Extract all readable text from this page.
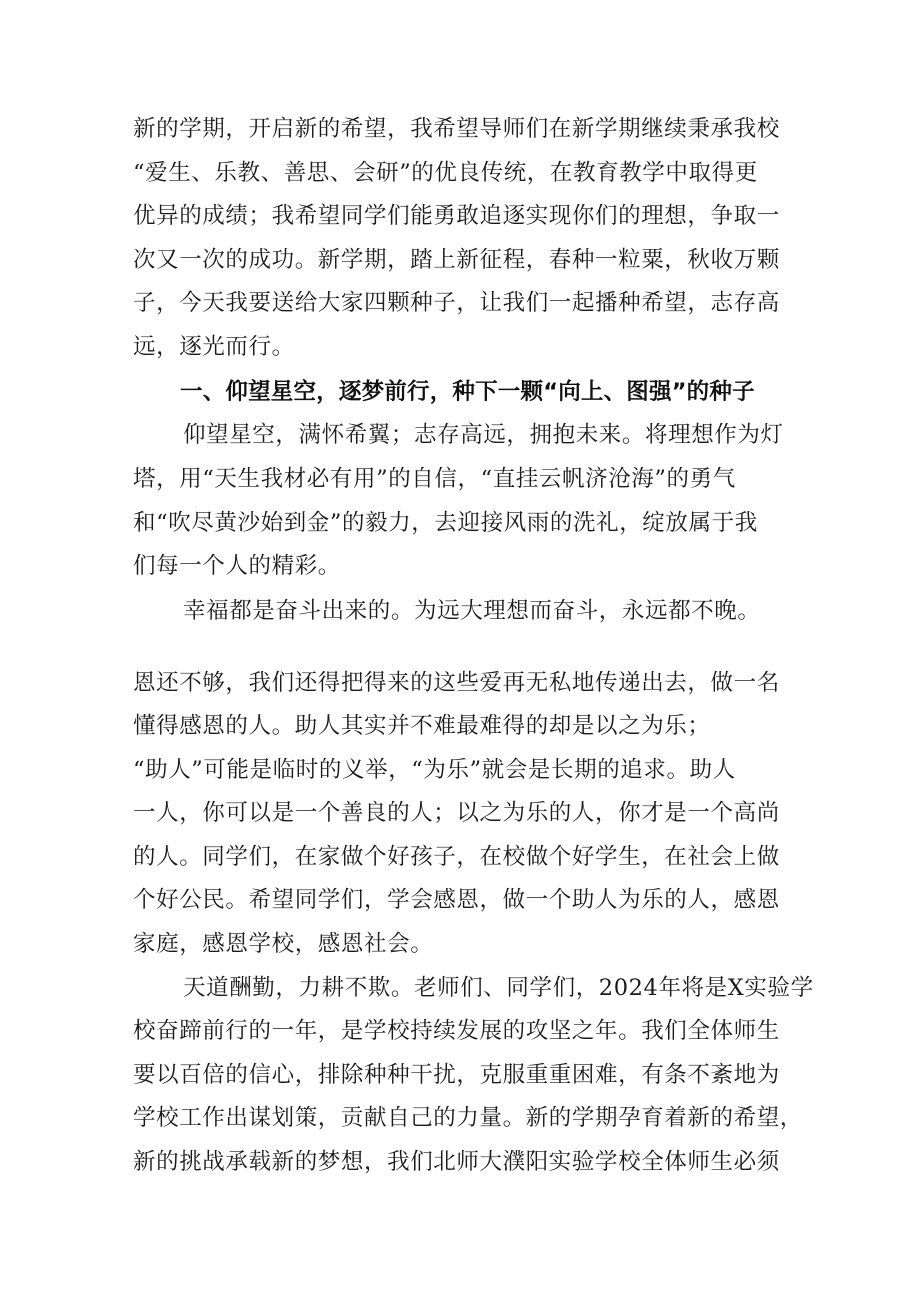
新的学期，开启新的希望，我希望导师们在新学期继续秉承我校

“爱生、乐教、善思、会研”的优良传统，在教育教学中取得更

优异的成绩；我希望同学们能勇敢追逐实现你们的理想，争取一

次又一次的成功。新学期，踏上新征程，春种一粒粟，秋收万颗

子，今天我要送给大家四颗种子，让我们一起播种希望，志存高

远，逐光而行。

一、仰望星空，逐梦前行，种下一颗“向上、图强”的种子

仰望星空，满怀希翼；志存高远，拥抱未来。将理想作为灯

塔，用“天生我材必有用”的自信，“直挂云帆济沧海”的勇气

和“吹尽黄沙始到金”的毅力，去迎接风雨的洗礼，绽放属于我

们每一个人的精彩。

幸福都是奋斗出来的。为远大理想而奋斗，永远都不晚。

恩还不够，我们还得把得来的这些爱再无私地传递出去，做一名

懂得感恩的人。助人其实并不难最难得的却是以之为乐；

“助人”可能是临时的义举，“为乐”就会是长期的追求。助人

一人，你可以是一个善良的人；以之为乐的人，你才是一个高尚

的人。同学们，在家做个好孩子，在校做个好学生，在社会上做

个好公民。希望同学们，学会感恩，做一个助人为乐的人，感恩

家庭，感恩学校，感恩社会。

天道酬勤，力耕不欺。老师们、同学们，2024年将是X实验学

校奋蹄前行的一年，是学校持续发展的攻坚之年。我们全体师生

要以百倍的信心，排除种种干扰，克服重重困难，有条不紊地为

学校工作出谋划策，贡献自己的力量。新的学期孕育着新的希望，

新的挑战承载新的梦想，我们北师大濮阳实验学校全体师生必须
